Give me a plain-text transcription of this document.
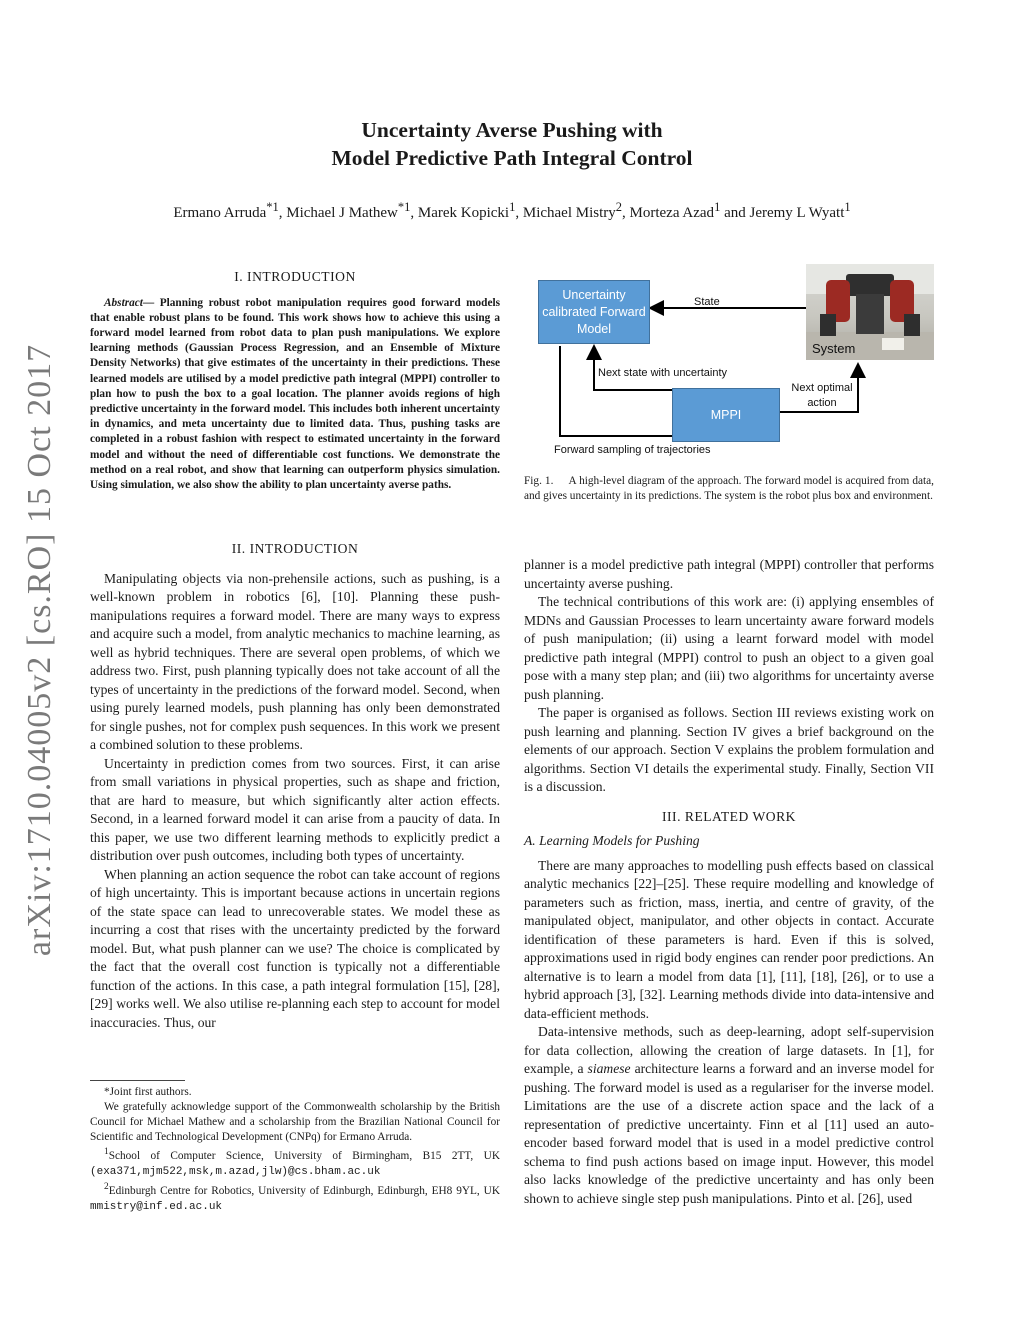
arXiv:1710.04005v2 [cs.RO] 15 Oct 2017
Uncertainty Averse Pushing with
Model Predictive Path Integral Control
Ermano Arruda$^{*1}$, Michael J Mathew$^{*1}$, Marek Kopicki$^1$, Michael Mistry$^2$, Morteza Azad$^1$ and Jeremy L Wyatt$^1$

I. INTRODUCTION

Abstract— Planning robust robot manipulation requires good forward models that enable robust plans to be found. This work shows how to achieve this using a forward model learned from robot data to plan push manipulations. We explore learning methods (Gaussian Process Regression, and an Ensemble of Mixture Density Networks) that give estimates of the uncertainty in their predictions. These learned models are utilised by a model predictive path integral (MPPI) controller to plan how to push the box to a goal location. The planner avoids regions of high predictive uncertainty in the forward model. This includes both inherent uncertainty in dynamics, and meta uncertainty due to limited data. Thus, pushing tasks are completed in a robust fashion with respect to estimated uncertainty in the forward model and without the need of differentiable cost functions. We demonstrate the method on a real robot, and show that learning can outperform physics simulation. Using simulation, we also show the ability to plan uncertainty averse paths.

II. INTRODUCTION

Manipulating objects via non-prehensile actions, such as pushing, is a well-known problem in robotics [6], [10]. Planning these push-manipulations requires a forward model. There are many ways to express and acquire such a model, from analytic mechanics to machine learning, as well as hybrid techniques. There are several open problems, of which we address two. First, push planning typically does not take account of all the types of uncertainty in the predictions of the forward model. Second, when using purely learned models, push planning has only been demonstrated for single pushes, not for complex push sequences. In this work we present a combined solution to these problems.

Uncertainty in prediction comes from two sources. First, it can arise from small variations in physical properties, such as shape and friction, that are hard to measure, but which significantly alter action effects. Second, in a learned forward model it can arise from a paucity of data. In this paper, we use two different learning methods to explicitly predict a distribution over push outcomes, including both types of uncertainty.

When planning an action sequence the robot can take account of regions of high uncertainty. This is important because actions in uncertain regions of the state space can lead to unrecoverable states. We model these as incurring a cost that rises with the uncertainty predicted by the forward model. But, what push planner can we use? The choice is complicated by the fact that the overall cost function is typically not a differentiable function of the actions. In this case, a path integral formulation [15], [28], [29] works well. We also utilise re-planning each step to account for model inaccuracies. Thus, our

*Joint first authors.

We gratefully acknowledge support of the Commonwealth scholarship by the British Council for Michael Mathew and a scholarship from the Brazilian National Council for Scientific and Technological Development (CNPq) for Ermano Arruda.

$^1$School of Computer Science, University of Birmingham, B15 2TT, UK (exa371,mjm522,msk,m.azad,jlw)@cs.bham.ac.uk

$^2$Edinburgh Centre for Robotics, University of Edinburgh, Edinburgh, EH8 9YL, UK mmistry@inf.ed.ac.uk

Uncertainty calibrated Forward Model
MPPI
System
State
Next state with uncertainty
Next optimal action
Forward sampling of trajectories
Fig. 1. A high-level diagram of the approach. The forward model is acquired from data, and gives uncertainty in its predictions. The system is the robot plus box and environment.

planner is a model predictive path integral (MPPI) controller that performs uncertainty averse pushing.

The technical contributions of this work are: (i) applying ensembles of MDNs and Gaussian Processes to learn uncertainty aware forward models of push manipulation; (ii) using a learnt forward model with model predictive path integral (MPPI) control to push an object to a given goal pose with a many step plan; and (iii) two algorithms for uncertainty averse push planning.

The paper is organised as follows. Section III reviews existing work on push learning and planning. Section IV gives a brief background on the elements of our approach. Section V explains the problem formulation and algorithms. Section VI details the experimental study. Finally, Section VII is a discussion.

III. RELATED WORK

A. Learning Models for Pushing

There are many approaches to modelling push effects based on classical analytic mechanics [22]–[25]. These require modelling and knowledge of parameters such as friction, mass, inertia, and centre of gravity, of the manipulated object, manipulator, and other objects in contact. Accurate identification of these parameters is hard. Even if this is solved, approximations used in rigid body engines can render poor predictions. An alternative is to learn a model from data [1], [11], [18], [26], or to use a hybrid approach [3], [32]. Learning methods divide into data-intensive and data-efficient methods.

Data-intensive methods, such as deep-learning, adopt self-supervision for data collection, allowing the creation of large datasets. In [1], for example, a siamese architecture learns a forward and an inverse model for pushing. The forward model is used as a regulariser for the inverse model. Limitations are the use of a discrete action space and the lack of a representation of predictive uncertainty. Finn et al [11] used an auto-encoder based forward model that is used in a model predictive control schema to find push actions based on image input. However, this model also lacks knowledge of the predictive uncertainty and has only been shown to achieve single step push manipulations. Pinto et al. [26], used
